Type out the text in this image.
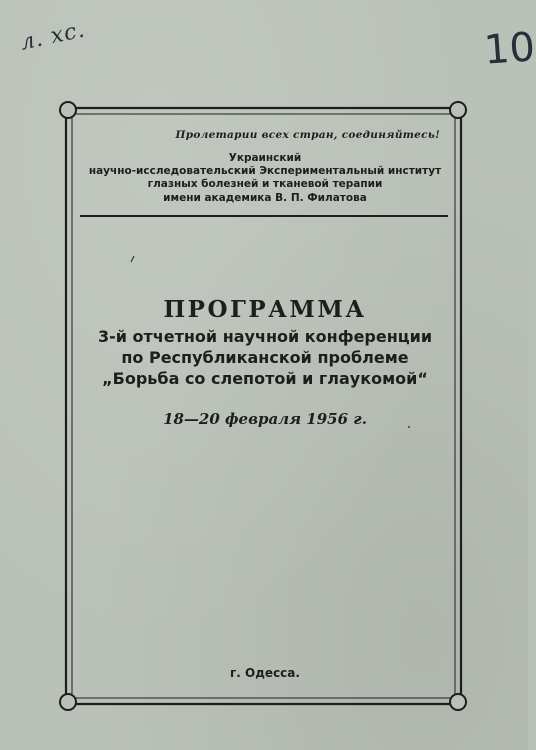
л. хс.	10
Пролетарии всех стран, соединяйтесь!
Украинский
научно-исследовательский Экспериментальный институт
глазных болезней и тканевой терапии
имени академика В. П. Филатова
ПРОГРАММА
3-й отчетной научной конференции
по Республиканской проблеме
„Борьба со слепотой и глаукомой“
18—20 февраля 1956 г.
г. Одесса.
